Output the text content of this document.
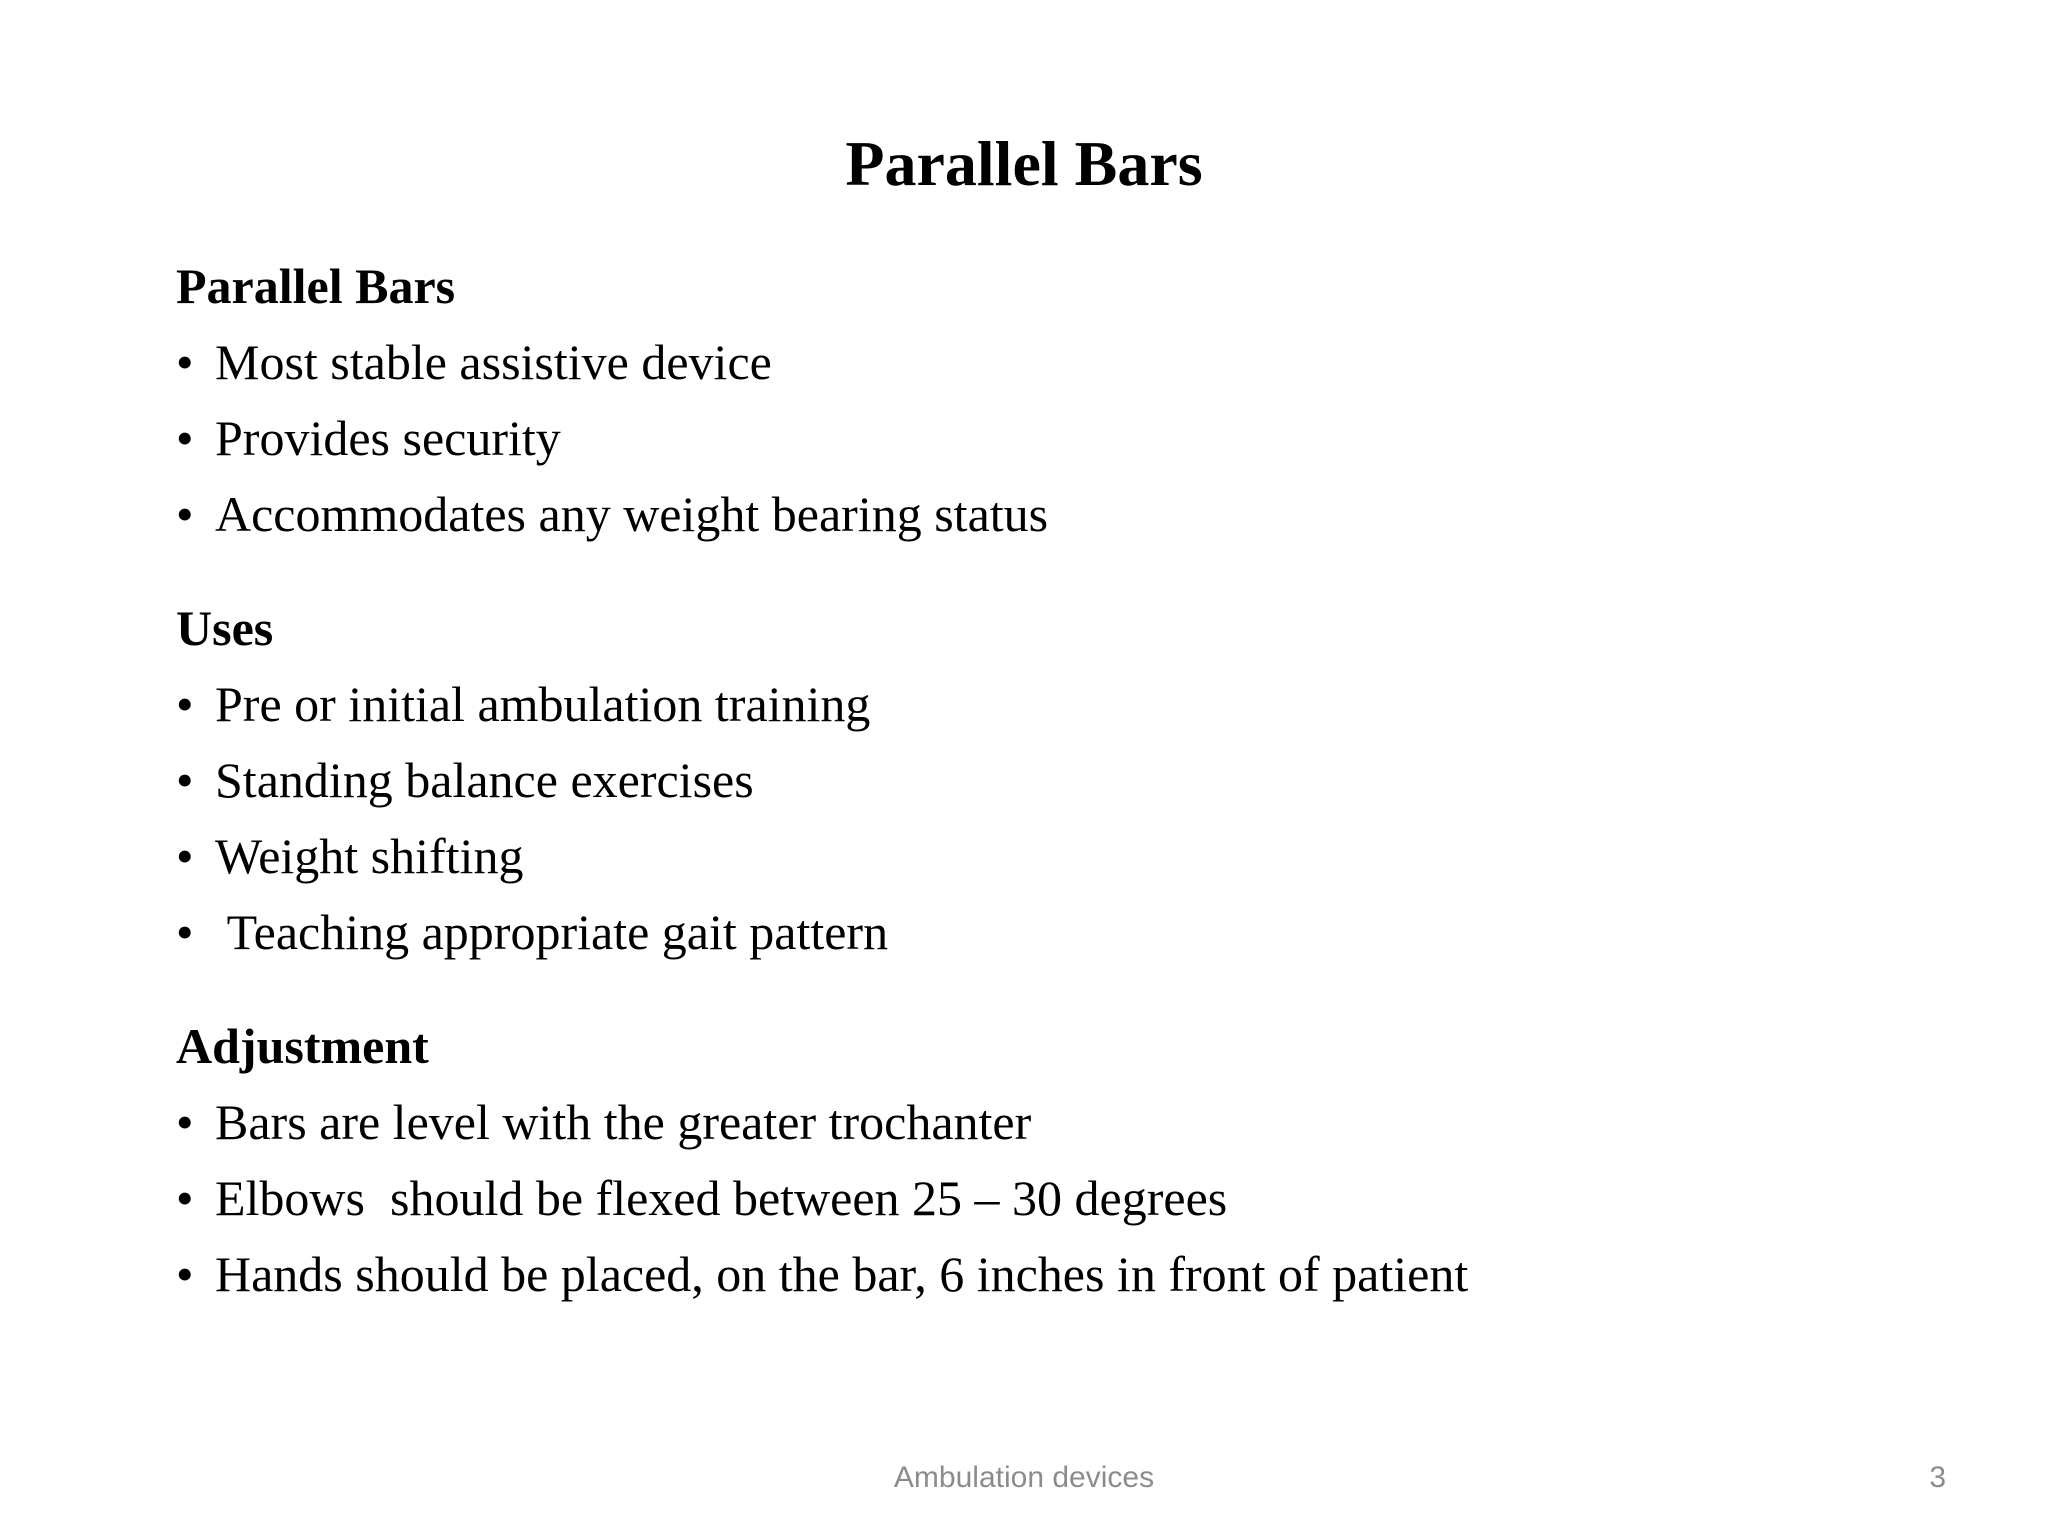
Parallel Bars
Parallel Bars
• Most stable assistive device
• Provides security
• Accommodates any weight bearing status
Uses
• Pre or initial ambulation training
• Standing balance exercises
• Weight shifting
• Teaching appropriate gait pattern
Adjustment
• Bars are level with the greater trochanter
• Elbows  should be flexed between 25 – 30 degrees
• Hands should be placed, on the bar, 6 inches in front of patient
Ambulation devices	3
